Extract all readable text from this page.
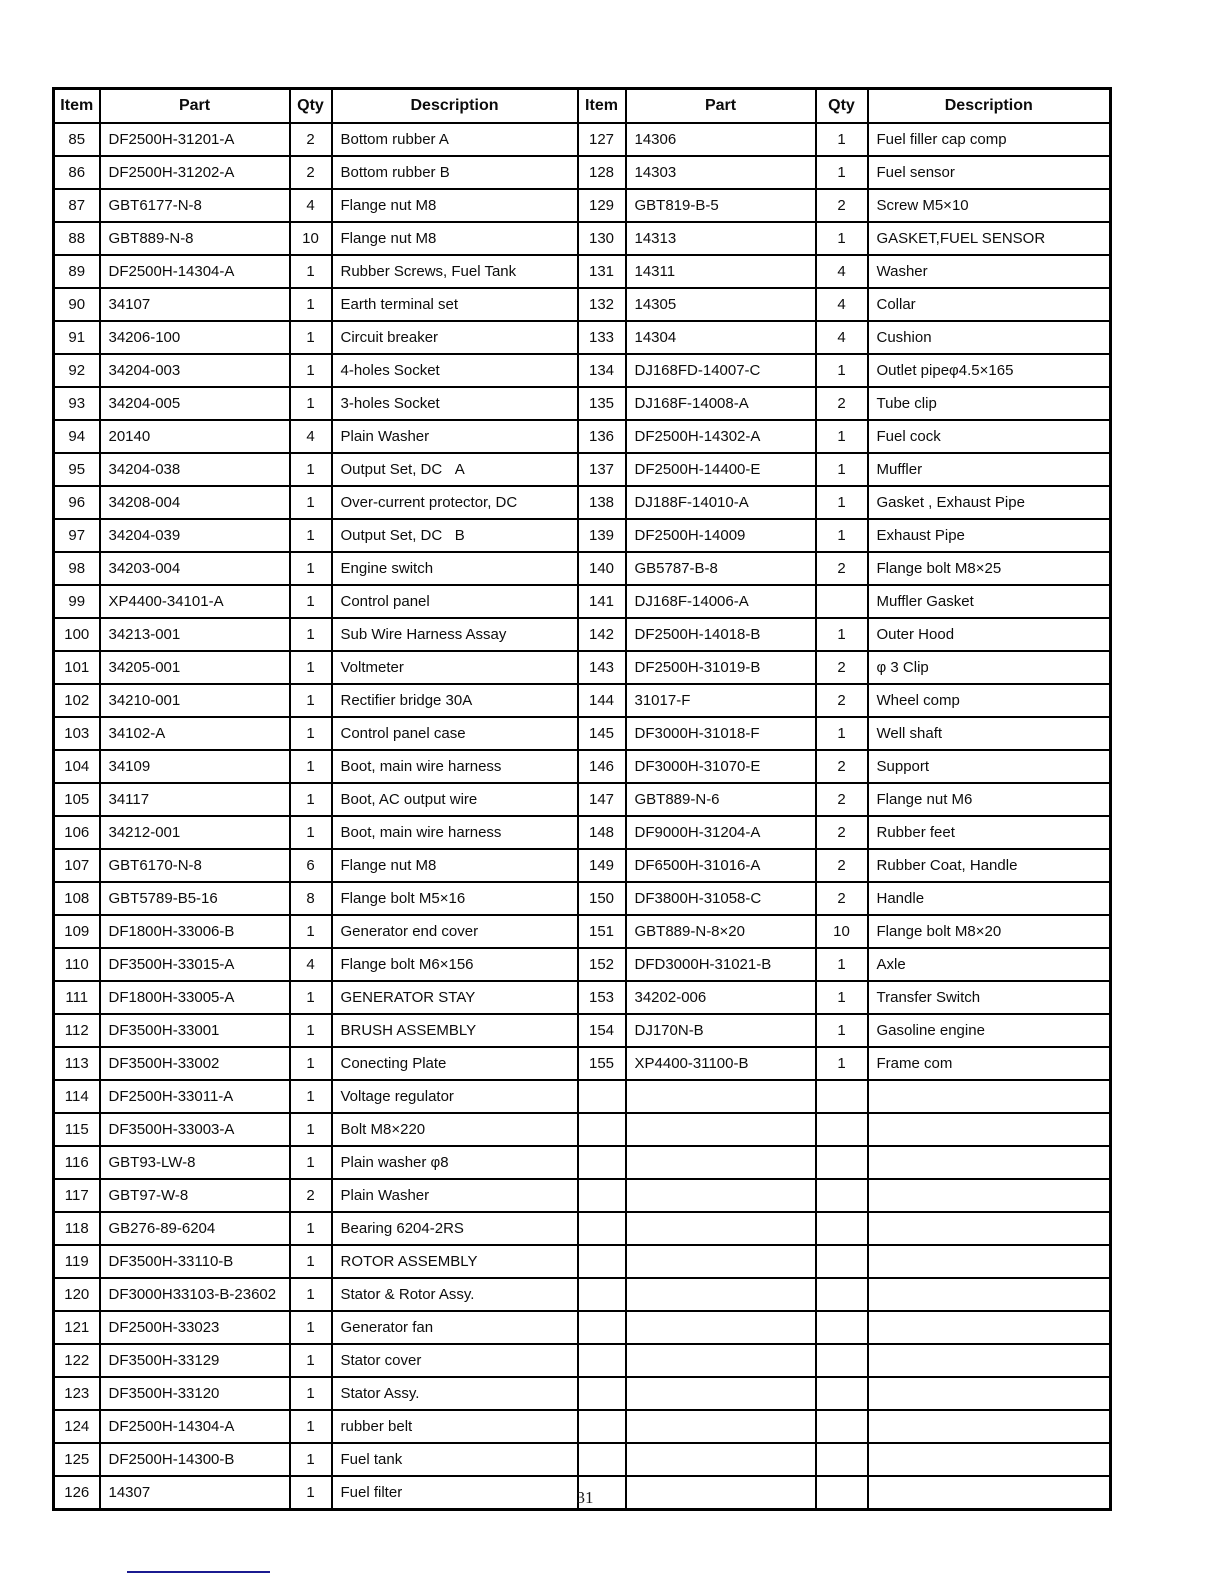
Item	Part	Qty	Description	Item	Part	Qty	Description
85	DF2500H-31201-A	2	Bottom rubber A	127	14306	1	Fuel filler cap comp
86	DF2500H-31202-A	2	Bottom rubber B	128	14303	1	Fuel sensor
87	GBT6177-N-8	4	Flange nut M8	129	GBT819-B-5	2	Screw M5×10
88	GBT889-N-8	10	Flange nut M8	130	14313	1	GASKET,FUEL SENSOR
89	DF2500H-14304-A	1	Rubber Screws, Fuel Tank	131	14311	4	Washer
90	34107	1	Earth terminal set	132	14305	4	Collar
91	34206-100	1	Circuit breaker	133	14304	4	Cushion
92	34204-003	1	4-holes Socket	134	DJ168FD-14007-C	1	Outlet pipeφ4.5×165
93	34204-005	1	3-holes Socket	135	DJ168F-14008-A	2	Tube clip
94	20140	4	Plain Washer	136	DF2500H-14302-A	1	Fuel cock
95	34204-038	1	Output Set, DC   A	137	DF2500H-14400-E	1	Muffler
96	34208-004	1	Over-current protector, DC	138	DJ188F-14010-A	1	Gasket , Exhaust Pipe
97	34204-039	1	Output Set, DC   B	139	DF2500H-14009	1	Exhaust Pipe
98	34203-004	1	Engine switch	140	GB5787-B-8	2	Flange bolt M8×25
99	XP4400-34101-A	1	Control panel	141	DJ168F-14006-A		Muffler Gasket
100	34213-001	1	Sub Wire Harness Assay	142	DF2500H-14018-B	1	Outer Hood
101	34205-001	1	Voltmeter	143	DF2500H-31019-B	2	φ 3 Clip
102	34210-001	1	Rectifier bridge 30A	144	31017-F	2	Wheel comp
103	34102-A	1	Control panel case	145	DF3000H-31018-F	1	Well shaft
104	34109	1	Boot, main wire harness	146	DF3000H-31070-E	2	Support
105	34117	1	Boot, AC output wire	147	GBT889-N-6	2	Flange nut M6
106	34212-001	1	Boot, main wire harness	148	DF9000H-31204-A	2	Rubber feet
107	GBT6170-N-8	6	Flange nut M8	149	DF6500H-31016-A	2	Rubber Coat, Handle
108	GBT5789-B5-16	8	Flange bolt M5×16	150	DF3800H-31058-C	2	Handle
109	DF1800H-33006-B	1	Generator end cover	151	GBT889-N-8×20	10	Flange bolt M8×20
110	DF3500H-33015-A	4	Flange bolt M6×156	152	DFD3000H-31021-B	1	Axle
111	DF1800H-33005-A	1	GENERATOR STAY	153	34202-006	1	Transfer Switch
112	DF3500H-33001	1	BRUSH ASSEMBLY	154	DJ170N-B	1	Gasoline engine
113	DF3500H-33002	1	Conecting Plate	155	XP4400-31100-B	1	Frame com
114	DF2500H-33011-A	1	Voltage regulator				
115	DF3500H-33003-A	1	Bolt M8×220				
116	GBT93-LW-8	1	Plain washer φ8				
117	GBT97-W-8	2	Plain Washer				
118	GB276-89-6204	1	Bearing 6204-2RS				
119	DF3500H-33110-B	1	ROTOR ASSEMBLY				
120	DF3000H33103-B-23602	1	Stator & Rotor Assy.				
121	DF2500H-33023	1	Generator fan				
122	DF3500H-33129	1	Stator cover				
123	DF3500H-33120	1	Stator Assy.				
124	DF2500H-14304-A	1	rubber belt				
125	DF2500H-14300-B	1	Fuel tank				
126	14307	1	Fuel filter					31
